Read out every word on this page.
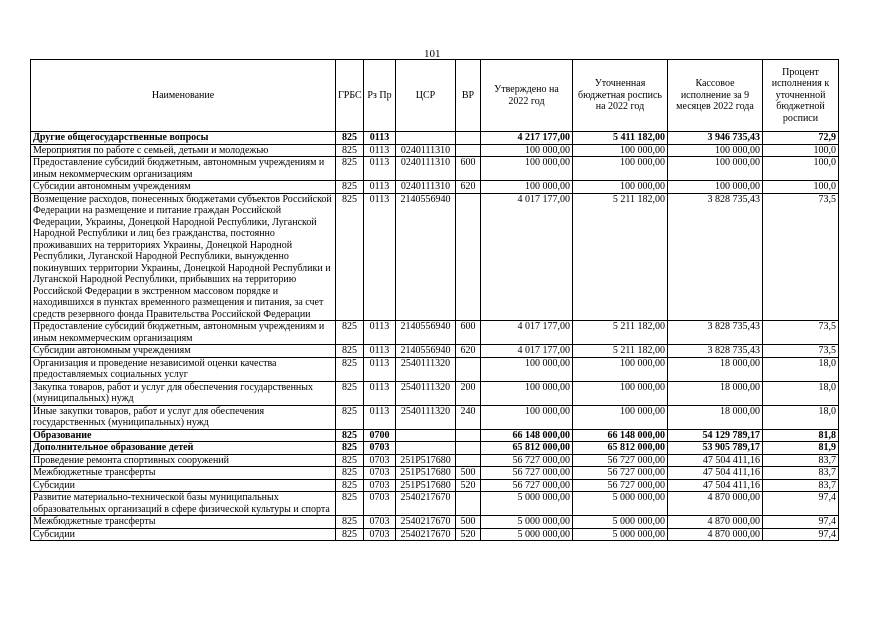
101
Наименование	ГРБС	Рз Пр	ЦСР	ВР	Утверждено на 2022 год	Уточненная бюджетная роспись на 2022 год	Кассовое исполнение за 9 месяцев 2022 года	Процент исполнения к уточненной бюджетной росписи
Другие общегосударственные вопросы	825	0113			4 217 177,00	5 411 182,00	3 946 735,43	72,9
Мероприятия по работе с семьей, детьми и молодежью	825	0113	0240111310		100 000,00	100 000,00	100 000,00	100,0
Предоставление субсидий бюджетным, автономным учреждениям и иным некоммерческим организациям	825	0113	0240111310	600	100 000,00	100 000,00	100 000,00	100,0
Субсидии автономным учреждениям	825	0113	0240111310	620	100 000,00	100 000,00	100 000,00	100,0
Возмещение расходов, понесенных бюджетами субъектов Российской Федерации на размещение и питание граждан Российской Федерации, Украины, Донецкой Народной Республики, Луганской Народной Республики и лиц без гражданства, постоянно проживавших на территориях Украины, Донецкой Народной Республики, Луганской Народной Республики, вынужденно покинувших территории Украины, Донецкой Народной Республики и Луганской Народной Республики, прибывших на территорию Российской Федерации в экстренном массовом порядке и находившихся в пунктах временного размещения и питания, за счет средств резервного фонда Правительства Российской Федерации	825	0113	2140556940		4 017 177,00	5 211 182,00	3 828 735,43	73,5
Предоставление субсидий бюджетным, автономным учреждениям и иным некоммерческим организациям	825	0113	2140556940	600	4 017 177,00	5 211 182,00	3 828 735,43	73,5
Субсидии автономным учреждениям	825	0113	2140556940	620	4 017 177,00	5 211 182,00	3 828 735,43	73,5
Организация и проведение независимой оценки качества предоставляемых социальных услуг	825	0113	2540111320		100 000,00	100 000,00	18 000,00	18,0
Закупка товаров, работ и услуг для обеспечения государственных (муниципальных) нужд	825	0113	2540111320	200	100 000,00	100 000,00	18 000,00	18,0
Иные закупки товаров, работ и услуг для обеспечения государственных (муниципальных) нужд	825	0113	2540111320	240	100 000,00	100 000,00	18 000,00	18,0
Образование	825	0700			66 148 000,00	66 148 000,00	54 129 789,17	81,8
Дополнительное образование детей	825	0703			65 812 000,00	65 812 000,00	53 905 789,17	81,9
Проведение ремонта спортивных сооружений	825	0703	251P517680		56 727 000,00	56 727 000,00	47 504 411,16	83,7
Межбюджетные трансферты	825	0703	251P517680	500	56 727 000,00	56 727 000,00	47 504 411,16	83,7
Субсидии	825	0703	251P517680	520	56 727 000,00	56 727 000,00	47 504 411,16	83,7
Развитие материально-технической базы муниципальных образовательных организаций в сфере физической культуры и спорта	825	0703	2540217670		5 000 000,00	5 000 000,00	4 870 000,00	97,4
Межбюджетные трансферты	825	0703	2540217670	500	5 000 000,00	5 000 000,00	4 870 000,00	97,4
Субсидии	825	0703	2540217670	520	5 000 000,00	5 000 000,00	4 870 000,00	97,4
